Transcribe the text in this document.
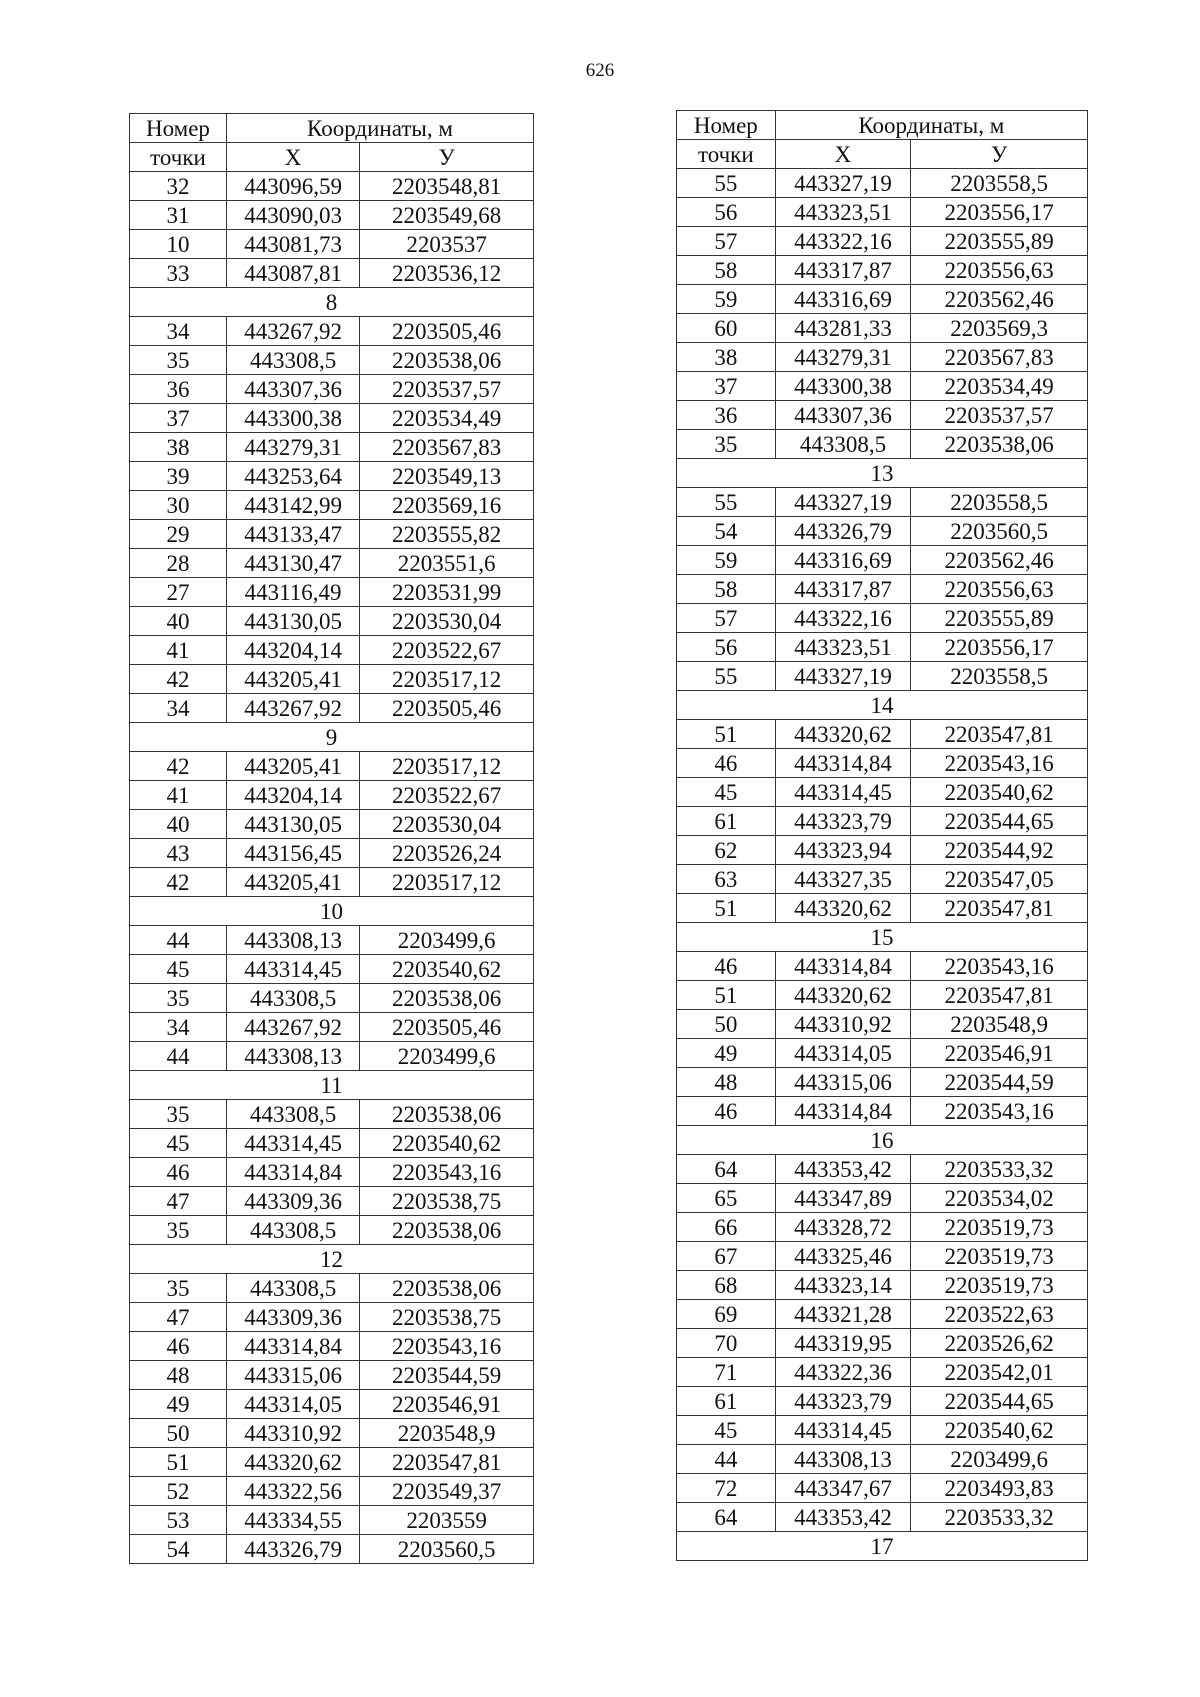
626
Номер	Координаты, м	
точки	X	У
32	443096,59	2203548,81
31	443090,03	2203549,68
10	443081,73	2203537
33	443087,81	2203536,12
8		
34	443267,92	2203505,46
35	443308,5	2203538,06
36	443307,36	2203537,57
37	443300,38	2203534,49
38	443279,31	2203567,83
39	443253,64	2203549,13
30	443142,99	2203569,16
29	443133,47	2203555,82
28	443130,47	2203551,6
27	443116,49	2203531,99
40	443130,05	2203530,04
41	443204,14	2203522,67
42	443205,41	2203517,12
34	443267,92	2203505,46
9		
42	443205,41	2203517,12
41	443204,14	2203522,67
40	443130,05	2203530,04
43	443156,45	2203526,24
42	443205,41	2203517,12
10		
44	443308,13	2203499,6
45	443314,45	2203540,62
35	443308,5	2203538,06
34	443267,92	2203505,46
44	443308,13	2203499,6
11		
35	443308,5	2203538,06
45	443314,45	2203540,62
46	443314,84	2203543,16
47	443309,36	2203538,75
35	443308,5	2203538,06
12		
35	443308,5	2203538,06
47	443309,36	2203538,75
46	443314,84	2203543,16
48	443315,06	2203544,59
49	443314,05	2203546,91
50	443310,92	2203548,9
51	443320,62	2203547,81
52	443322,56	2203549,37
53	443334,55	2203559
54	443326,79	2203560,5
Номер	Координаты, м	
точки	X	У
55	443327,19	2203558,5
56	443323,51	2203556,17
57	443322,16	2203555,89
58	443317,87	2203556,63
59	443316,69	2203562,46
60	443281,33	2203569,3
38	443279,31	2203567,83
37	443300,38	2203534,49
36	443307,36	2203537,57
35	443308,5	2203538,06
13		
55	443327,19	2203558,5
54	443326,79	2203560,5
59	443316,69	2203562,46
58	443317,87	2203556,63
57	443322,16	2203555,89
56	443323,51	2203556,17
55	443327,19	2203558,5
14		
51	443320,62	2203547,81
46	443314,84	2203543,16
45	443314,45	2203540,62
61	443323,79	2203544,65
62	443323,94	2203544,92
63	443327,35	2203547,05
51	443320,62	2203547,81
15		
46	443314,84	2203543,16
51	443320,62	2203547,81
50	443310,92	2203548,9
49	443314,05	2203546,91
48	443315,06	2203544,59
46	443314,84	2203543,16
16		
64	443353,42	2203533,32
65	443347,89	2203534,02
66	443328,72	2203519,73
67	443325,46	2203519,73
68	443323,14	2203519,73
69	443321,28	2203522,63
70	443319,95	2203526,62
71	443322,36	2203542,01
61	443323,79	2203544,65
45	443314,45	2203540,62
44	443308,13	2203499,6
72	443347,67	2203493,83
64	443353,42	2203533,32
17		
